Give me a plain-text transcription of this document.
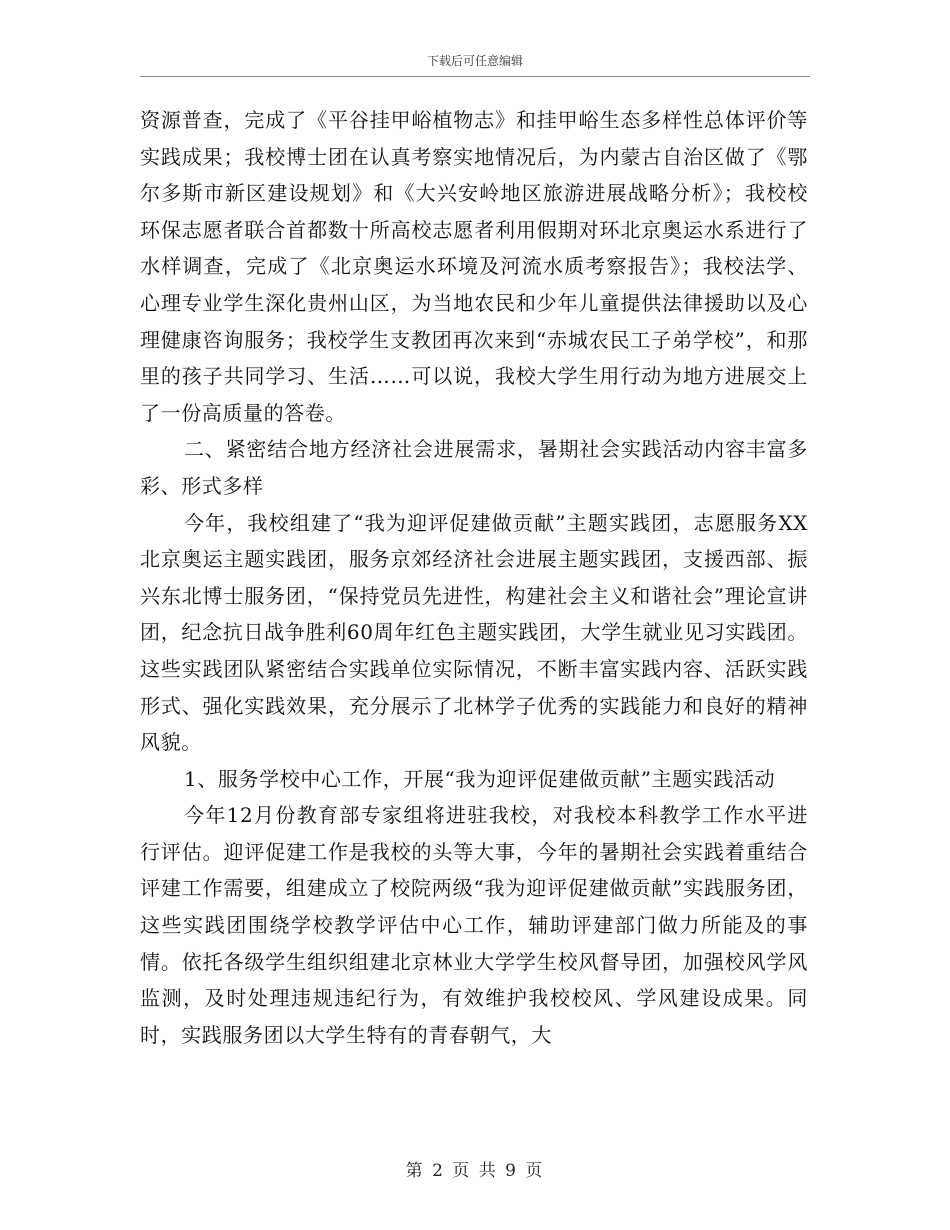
下载后可任意编辑

资源普查，完成了《平谷挂甲峪植物志》和挂甲峪生态多样性总体评价等实践成果；我校博士团在认真考察实地情况后，为内蒙古自治区做了《鄂尔多斯市新区建设规划》和《大兴安岭地区旅游进展战略分析》；我校校环保志愿者联合首都数十所高校志愿者利用假期对环北京奥运水系进行了水样调查，完成了《北京奥运水环境及河流水质考察报告》；我校法学、心理专业学生深化贵州山区，为当地农民和少年儿童提供法律援助以及心理健康咨询服务；我校学生支教团再次来到“赤城农民工子弟学校”，和那里的孩子共同学习、生活……可以说，我校大学生用行动为地方进展交上了一份高质量的答卷。

二、紧密结合地方经济社会进展需求，暑期社会实践活动内容丰富多彩、形式多样

今年，我校组建了“我为迎评促建做贡献”主题实践团，志愿服务XX北京奥运主题实践团，服务京郊经济社会进展主题实践团，支援西部、振兴东北博士服务团，“保持党员先进性，构建社会主义和谐社会”理论宣讲团，纪念抗日战争胜利60周年红色主题实践团，大学生就业见习实践团。这些实践团队紧密结合实践单位实际情况，不断丰富实践内容、活跃实践形式、强化实践效果，充分展示了北林学子优秀的实践能力和良好的精神风貌。

1、服务学校中心工作，开展“我为迎评促建做贡献”主题实践活动

今年12月份教育部专家组将进驻我校，对我校本科教学工作水平进行评估。迎评促建工作是我校的头等大事，今年的暑期社会实践着重结合评建工作需要，组建成立了校院两级“我为迎评促建做贡献”实践服务团，这些实践团围绕学校教学评估中心工作，辅助评建部门做力所能及的事情。依托各级学生组织组建北京林业大学学生校风督导团，加强校风学风监测，及时处理违规违纪行为，有效维护我校校风、学风建设成果。同时，实践服务团以大学生特有的青春朝气，大

第 2 页 共 9 页
